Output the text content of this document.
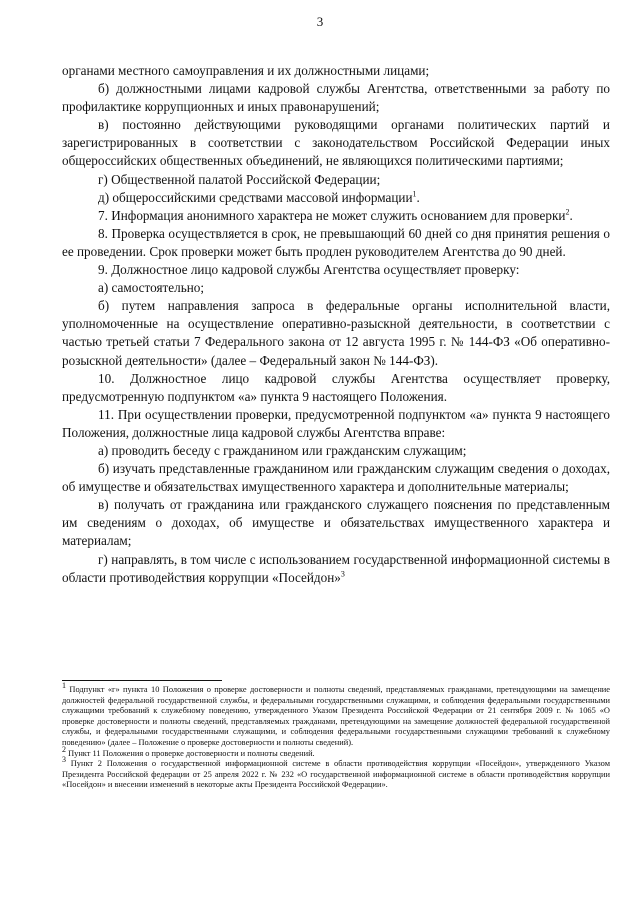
3

органами местного самоуправления и их должностными лицами;

б) должностными лицами кадровой службы Агентства, ответственными за работу по профилактике коррупционных и иных правонарушений;

в) постоянно действующими руководящими органами политических партий и зарегистрированных в соответствии с законодательством Российской Федерации иных общероссийских общественных объединений, не являющихся политическими партиями;

г) Общественной палатой Российской Федерации;

д) общероссийскими средствами массовой информации$^1$.

7. Информация анонимного характера не может служить основанием для проверки$^2$.

8. Проверка осуществляется в срок, не превышающий 60 дней со дня принятия решения о ее проведении. Срок проверки может быть продлен руководителем Агентства до 90 дней.

9. Должностное лицо кадровой службы Агентства осуществляет проверку:

а) самостоятельно;

б) путем направления запроса в федеральные органы исполнительной власти, уполномоченные на осуществление оперативно-разыскной деятельности, в соответствии с частью третьей статьи 7 Федерального закона от 12 августа 1995 г. № 144-ФЗ «Об оперативно-розыскной деятельности» (далее – Федеральный закон № 144-ФЗ).

10. Должностное лицо кадровой службы Агентства осуществляет проверку, предусмотренную подпунктом «а» пункта 9 настоящего Положения.

11. При осуществлении проверки, предусмотренной подпунктом «а» пункта 9 настоящего Положения, должностные лица кадровой службы Агентства вправе:

а) проводить беседу с гражданином или гражданским служащим;

б) изучать представленные гражданином или гражданским служащим сведения о доходах, об имуществе и обязательствах имущественного характера и дополнительные материалы;

в) получать от гражданина или гражданского служащего пояснения по представленным им сведениям о доходах, об имуществе и обязательствах имущественного характера и материалам;

г) направлять, в том числе с использованием государственной информационной системы в области противодействия коррупции «Посейдон»$^3$

$^1$ Подпункт «г» пункта 10 Положения о проверке достоверности и полноты сведений, представляемых гражданами, претендующими на замещение должностей федеральной государственной службы, и федеральными государственными служащими, и соблюдения федеральными государственными служащими требований к служебному поведению, утвержденного Указом Президента Российской Федерации от 21 сентября 2009 г. № 1065 «О проверке достоверности и полноты сведений, представляемых гражданами, претендующими на замещение должностей федеральной государственной службы, и федеральными государственными служащими, и соблюдения федеральными государственными служащими требований к служебному поведению» (далее – Положение о проверке достоверности и полноты сведений).

$^2$ Пункт 11 Положения о проверке достоверности и полноты сведений.

$^3$ Пункт 2 Положения о государственной информационной системе в области противодействия коррупции «Посейдон», утвержденного Указом Президента Российской федерации от 25 апреля 2022 г. № 232 «О государственной информационной системе в области противодействия коррупции «Посейдон» и внесении изменений в некоторые акты Президента Российской Федерации».
